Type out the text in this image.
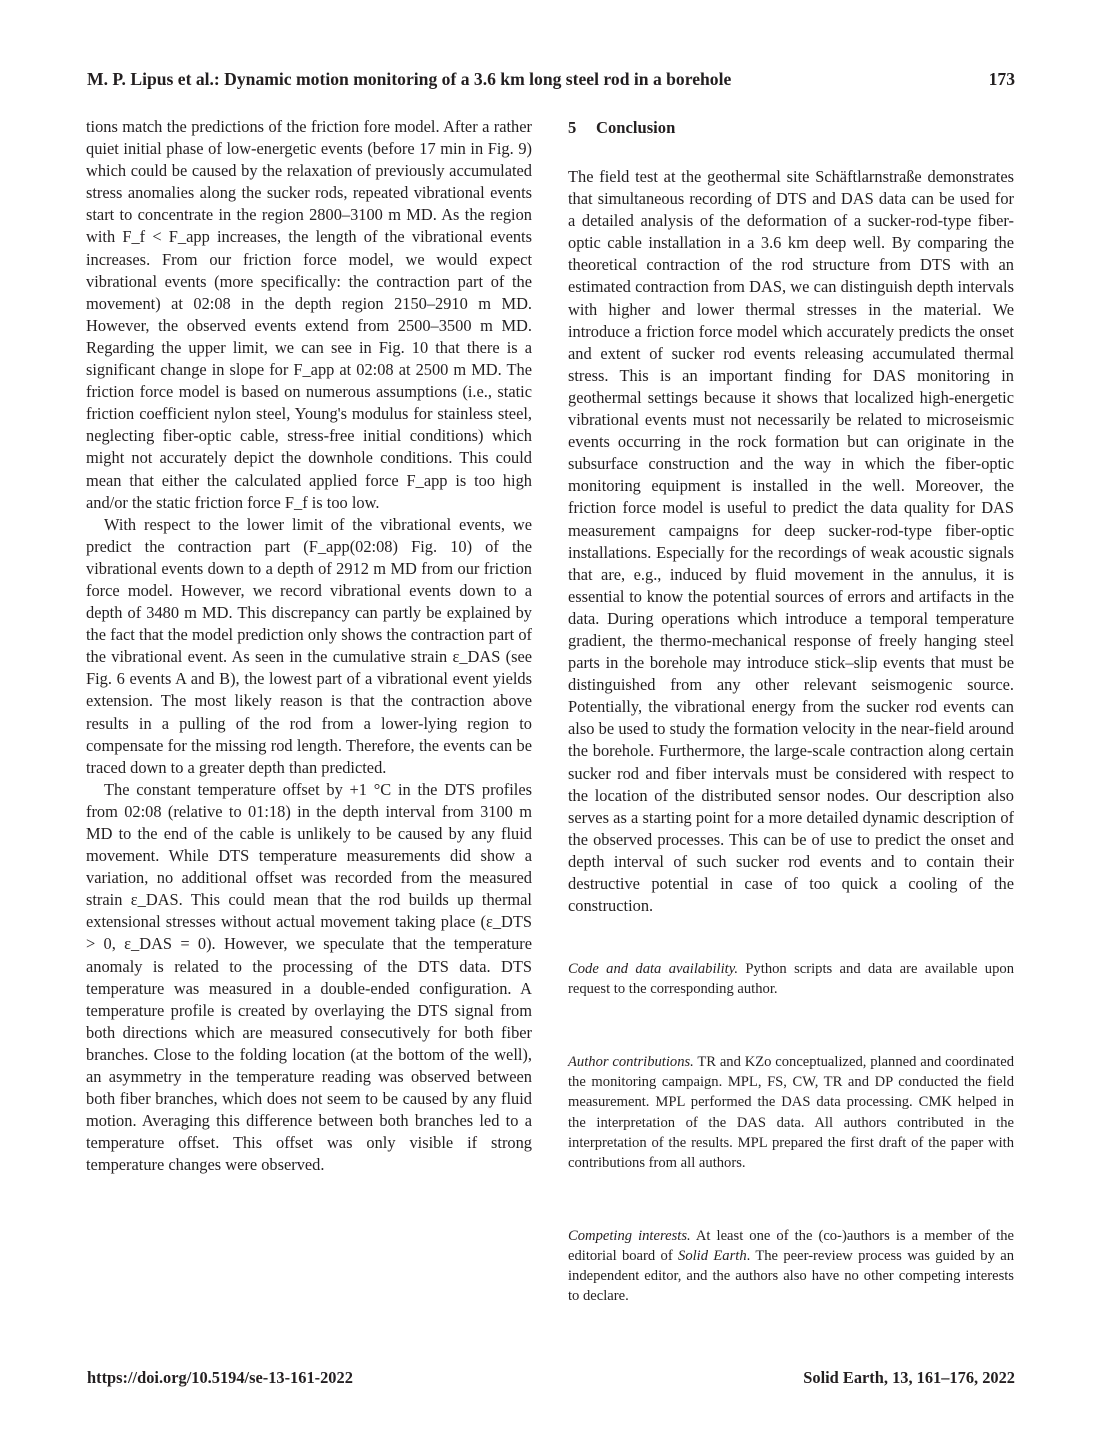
M. P. Lipus et al.: Dynamic motion monitoring of a 3.6 km long steel rod in a borehole	173

tions match the predictions of the friction fore model. After a rather quiet initial phase of low-energetic events (before 17 min in Fig. 9) which could be caused by the relaxation of previously accumulated stress anomalies along the sucker rods, repeated vibrational events start to concentrate in the region 2800–3100 m MD. As the region with F_f < F_app increases, the length of the vibrational events increases. From our friction force model, we would expect vibrational events (more specifically: the contraction part of the movement) at 02:08 in the depth region 2150–2910 m MD. However, the observed events extend from 2500–3500 m MD. Regarding the upper limit, we can see in Fig. 10 that there is a significant change in slope for F_app at 02:08 at 2500 m MD. The friction force model is based on numerous assumptions (i.e., static friction coefficient nylon steel, Young's modulus for stainless steel, neglecting fiber-optic cable, stress-free initial conditions) which might not accurately depict the downhole conditions. This could mean that either the calculated applied force F_app is too high and/or the static friction force F_f is too low.

With respect to the lower limit of the vibrational events, we predict the contraction part (F_app(02:08) Fig. 10) of the vibrational events down to a depth of 2912 m MD from our friction force model. However, we record vibrational events down to a depth of 3480 m MD. This discrepancy can partly be explained by the fact that the model prediction only shows the contraction part of the vibrational event. As seen in the cumulative strain ε_DAS (see Fig. 6 events A and B), the lowest part of a vibrational event yields extension. The most likely reason is that the contraction above results in a pulling of the rod from a lower-lying region to compensate for the missing rod length. Therefore, the events can be traced down to a greater depth than predicted.

The constant temperature offset by +1 °C in the DTS profiles from 02:08 (relative to 01:18) in the depth interval from 3100 m MD to the end of the cable is unlikely to be caused by any fluid movement. While DTS temperature measurements did show a variation, no additional offset was recorded from the measured strain ε_DAS. This could mean that the rod builds up thermal extensional stresses without actual movement taking place (ε_DTS > 0, ε_DAS = 0). However, we speculate that the temperature anomaly is related to the processing of the DTS data. DTS temperature was measured in a double-ended configuration. A temperature profile is created by overlaying the DTS signal from both directions which are measured consecutively for both fiber branches. Close to the folding location (at the bottom of the well), an asymmetry in the temperature reading was observed between both fiber branches, which does not seem to be caused by any fluid motion. Averaging this difference between both branches led to a temperature offset. This offset was only visible if strong temperature changes were observed.

5 Conclusion

The field test at the geothermal site Schäftlarnstraße demonstrates that simultaneous recording of DTS and DAS data can be used for a detailed analysis of the deformation of a sucker-rod-type fiber-optic cable installation in a 3.6 km deep well. By comparing the theoretical contraction of the rod structure from DTS with an estimated contraction from DAS, we can distinguish depth intervals with higher and lower thermal stresses in the material. We introduce a friction force model which accurately predicts the onset and extent of sucker rod events releasing accumulated thermal stress. This is an important finding for DAS monitoring in geothermal settings because it shows that localized high-energetic vibrational events must not necessarily be related to microseismic events occurring in the rock formation but can originate in the subsurface construction and the way in which the fiber-optic monitoring equipment is installed in the well. Moreover, the friction force model is useful to predict the data quality for DAS measurement campaigns for deep sucker-rod-type fiber-optic installations. Especially for the recordings of weak acoustic signals that are, e.g., induced by fluid movement in the annulus, it is essential to know the potential sources of errors and artifacts in the data. During operations which introduce a temporal temperature gradient, the thermo-mechanical response of freely hanging steel parts in the borehole may introduce stick–slip events that must be distinguished from any other relevant seismogenic source. Potentially, the vibrational energy from the sucker rod events can also be used to study the formation velocity in the near-field around the borehole. Furthermore, the large-scale contraction along certain sucker rod and fiber intervals must be considered with respect to the location of the distributed sensor nodes. Our description also serves as a starting point for a more detailed dynamic description of the observed processes. This can be of use to predict the onset and depth interval of such sucker rod events and to contain their destructive potential in case of too quick a cooling of the construction.

Code and data availability. Python scripts and data are available upon request to the corresponding author.

Author contributions. TR and KZo conceptualized, planned and coordinated the monitoring campaign. MPL, FS, CW, TR and DP conducted the field measurement. MPL performed the DAS data processing. CMK helped in the interpretation of the DAS data. All authors contributed in the interpretation of the results. MPL prepared the first draft of the paper with contributions from all authors.

Competing interests. At least one of the (co-)authors is a member of the editorial board of Solid Earth. The peer-review process was guided by an independent editor, and the authors also have no other competing interests to declare.

https://doi.org/10.5194/se-13-161-2022	Solid Earth, 13, 161–176, 2022
